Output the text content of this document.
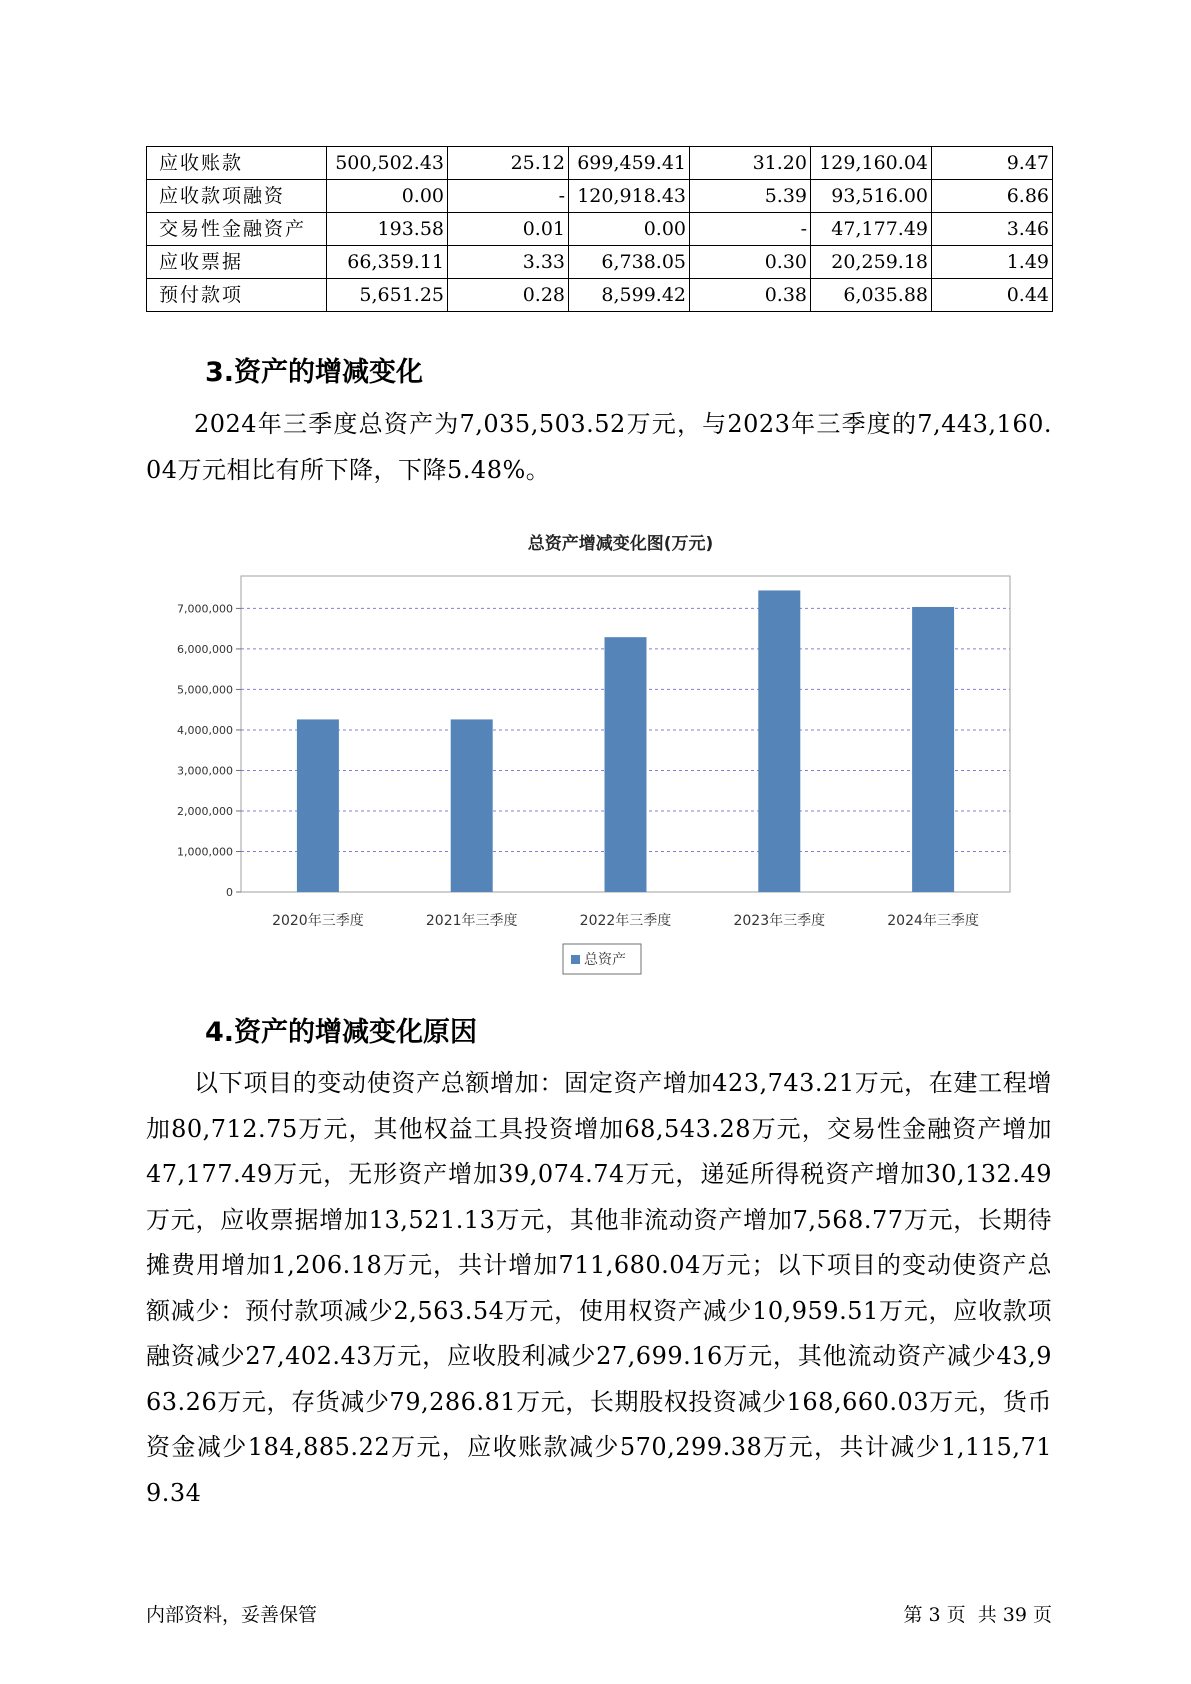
应收账款	500,502.43	25.12	699,459.41	31.20	129,160.04	9.47
应收款项融资	0.00	-	120,918.43	5.39	93,516.00	6.86
交易性金融资产	193.58	0.01	0.00	-	47,177.49	3.46
应收票据	66,359.11	3.33	6,738.05	0.30	20,259.18	1.49
预付款项	5,651.25	0.28	8,599.42	0.38	6,035.88	0.44
3.资产的增减变化
2024年三季度总资产为7,035,503.52万元，与2023年三季度的7,443,160.04万元相比有所下降，下降5.48%。
总资产增减变化图(万元)
0
1,000,000
2,000,000
3,000,000
4,000,000
5,000,000
6,000,000
7,000,000
2020年三季度	2021年三季度	2022年三季度	2023年三季度	2024年三季度
总资产
4.资产的增减变化原因
以下项目的变动使资产总额增加：固定资产增加423,743.21万元，在建工程增加80,712.75万元，其他权益工具投资增加68,543.28万元，交易性金融资产增加47,177.49万元，无形资产增加39,074.74万元，递延所得税资产增加30,132.49万元，应收票据增加13,521.13万元，其他非流动资产增加7,568.77万元，长期待摊费用增加1,206.18万元，共计增加711,680.04万元；以下项目的变动使资产总额减少：预付款项减少2,563.54万元，使用权资产减少10,959.51万元，应收款项融资减少27,402.43万元，应收股利减少27,699.16万元，其他流动资产减少43,963.26万元，存货减少79,286.81万元，长期股权投资减少168,660.03万元，货币资金减少184,885.22万元，应收账款减少570,299.38万元，共计减少1,115,719.34
内部资料，妥善保管	第 3 页  共 39 页
